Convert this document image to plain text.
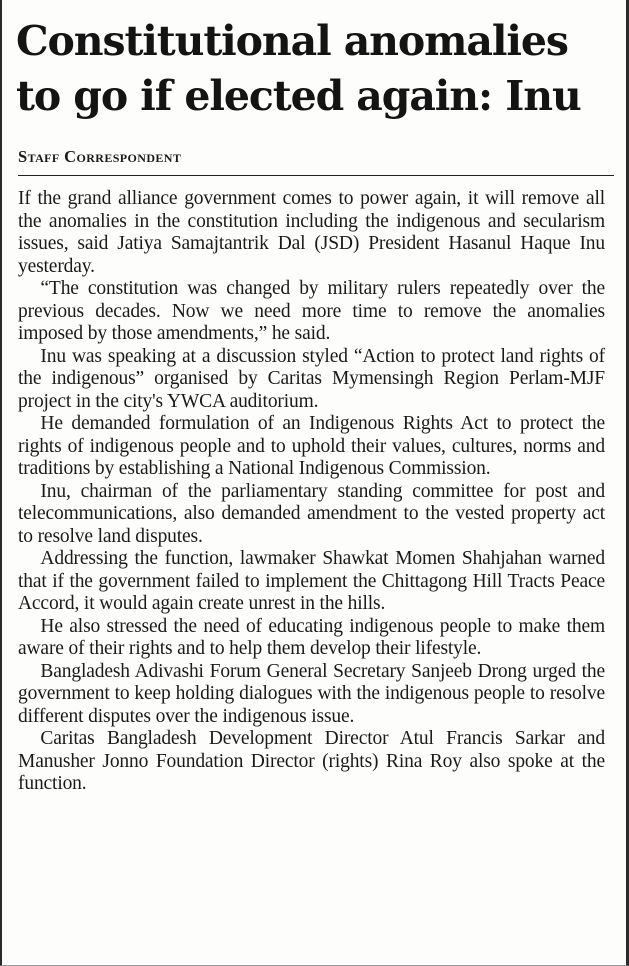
Constitutional anomalies to go if elected again: Inu
Staff Correspondent

If the grand alliance government comes to power again, it will remove all the anomalies in the constitution including the indigenous and secularism issues, said Jatiya Samajtantrik Dal (JSD) President Hasanul Haque Inu yesterday.

“The constitution was changed by military rulers repeatedly over the previous decades. Now we need more time to remove the anomalies imposed by those amendments,” he said.

Inu was speaking at a discussion styled “Action to protect land rights of the indigenous” organised by Caritas Mymensingh Region Perlam-MJF project in the city's YWCA auditorium.

He demanded formulation of an Indigenous Rights Act to protect the rights of indigenous people and to uphold their values, cultures, norms and traditions by establishing a National Indigenous Commission.

Inu, chairman of the parliamentary standing committee for post and telecommunications, also demanded amendment to the vested property act to resolve land disputes.

Addressing the function, lawmaker Shawkat Momen Shahjahan warned that if the government failed to implement the Chittagong Hill Tracts Peace Accord, it would again create unrest in the hills.

He also stressed the need of educating indigenous people to make them aware of their rights and to help them develop their lifestyle.

Bangladesh Adivashi Forum General Secretary Sanjeeb Drong urged the government to keep holding dialogues with the indigenous people to resolve different disputes over the indigenous issue.

Caritas Bangladesh Development Director Atul Francis Sarkar and Manusher Jonno Foundation Director (rights) Rina Roy also spoke at the function.
